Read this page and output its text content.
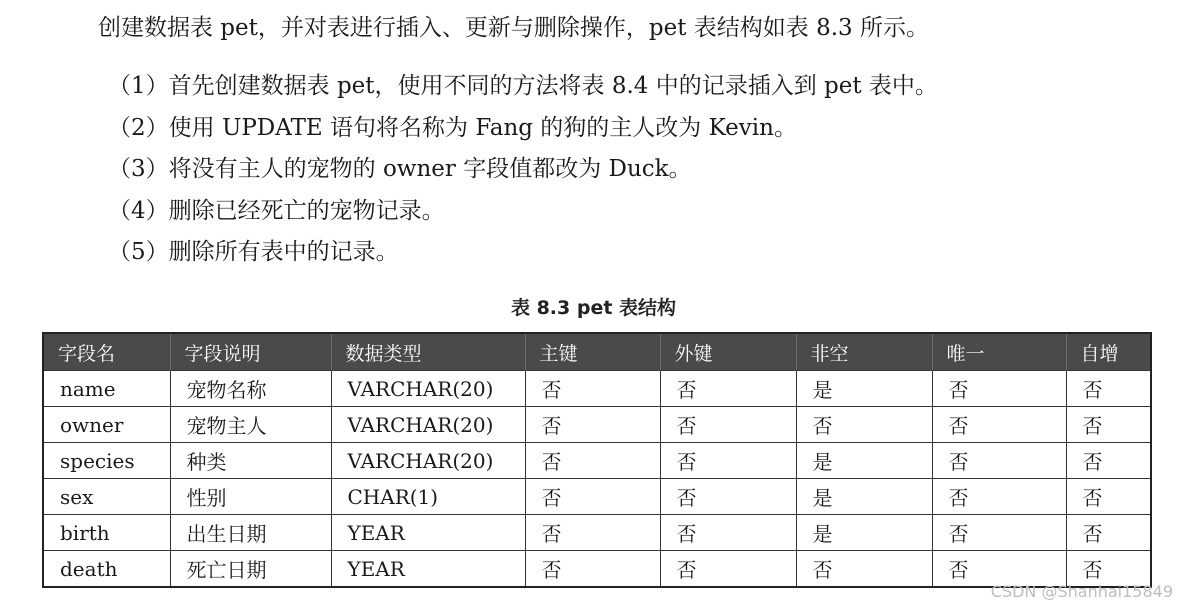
创建数据表 pet，并对表进行插入、更新与删除操作，pet 表结构如表 8.3 所示。
（1）首先创建数据表 pet，使用不同的方法将表 8.4 中的记录插入到 pet 表中。
（2）使用 UPDATE 语句将名称为 Fang 的狗的主人改为 Kevin。
（3）将没有主人的宠物的 owner 字段值都改为 Duck。
（4）删除已经死亡的宠物记录。
（5）删除所有表中的记录。
表 8.3 pet 表结构
字段名	字段说明	数据类型	主键	外键	非空	唯一	自增
name	宠物名称	VARCHAR(20)	否	否	是	否	否
owner	宠物主人	VARCHAR(20)	否	否	否	否	否
species	种类	VARCHAR(20)	否	否	是	否	否
sex	性别	CHAR(1)	否	否	是	否	否
birth	出生日期	YEAR	否	否	是	否	否
death	死亡日期	YEAR	否	否	否	否	否
CSDN @Shanhai15849
